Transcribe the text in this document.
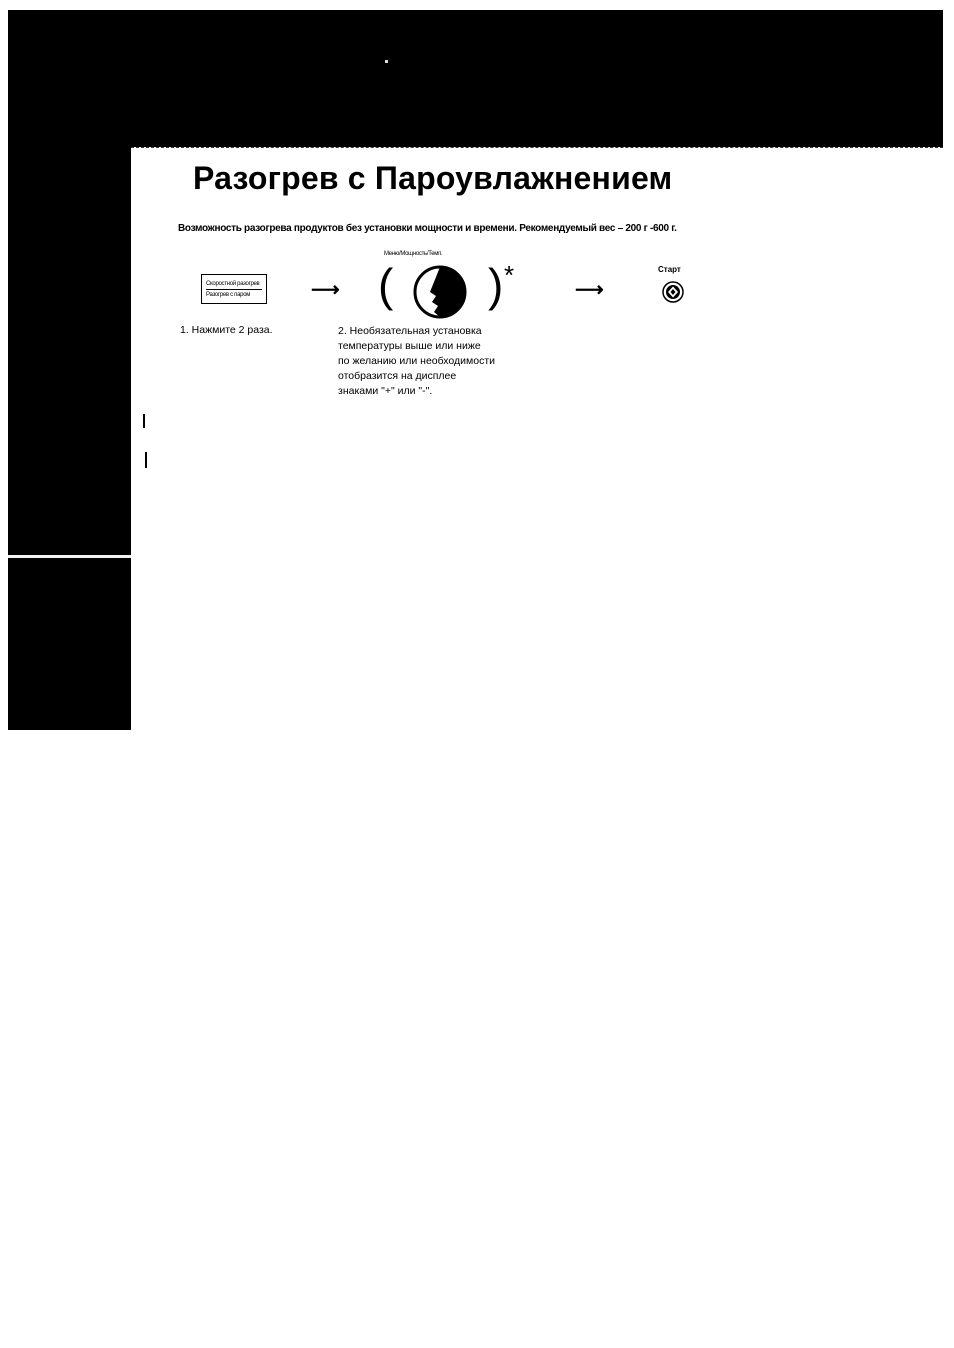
Разогрев с Пароувлажнением
Возможность разогрева продуктов без установки мощности и времени. Рекомендуемый вес – 200 г -600 г.
Скоростной разогрев
Разогрев с паром	⟶
Меню/Мощность/Темп.
( ) *	⟶
Старт
1. Нажмите 2 раза.	2. Необязательная установка
температуры выше или ниже
по желанию или необходимости
отобразится на дисплее
знаками "+" или "-".
